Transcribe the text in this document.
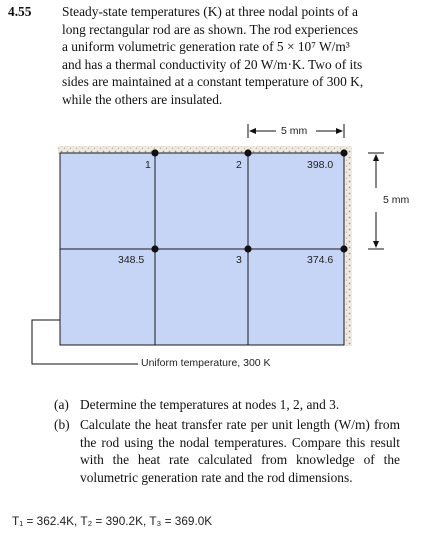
4.55 Steady-state temperatures (K) at three nodal points of a
long rectangular rod are as shown. The rod experiences
a uniform volumetric generation rate of 5 × 10⁷ W/m³
and has a thermal conductivity of 20 W/m·K. Two of its
sides are maintained at a constant temperature of 300 K,
while the others are insulated.
5 mm
5 mm
1	2
3
398.0
348.5	374.6
Uniform temperature, 300 K
(a) Determine the temperatures at nodes 1, 2, and 3.
(b) Calculate the heat transfer rate per unit length (W/m) from the rod using the nodal temperatures. Compare this result with the heat rate calculated from knowledge of the volumetric generation rate and the rod dimensions.
T₁ = 362.4K, T₂ = 390.2K, T₃ = 369.0K
